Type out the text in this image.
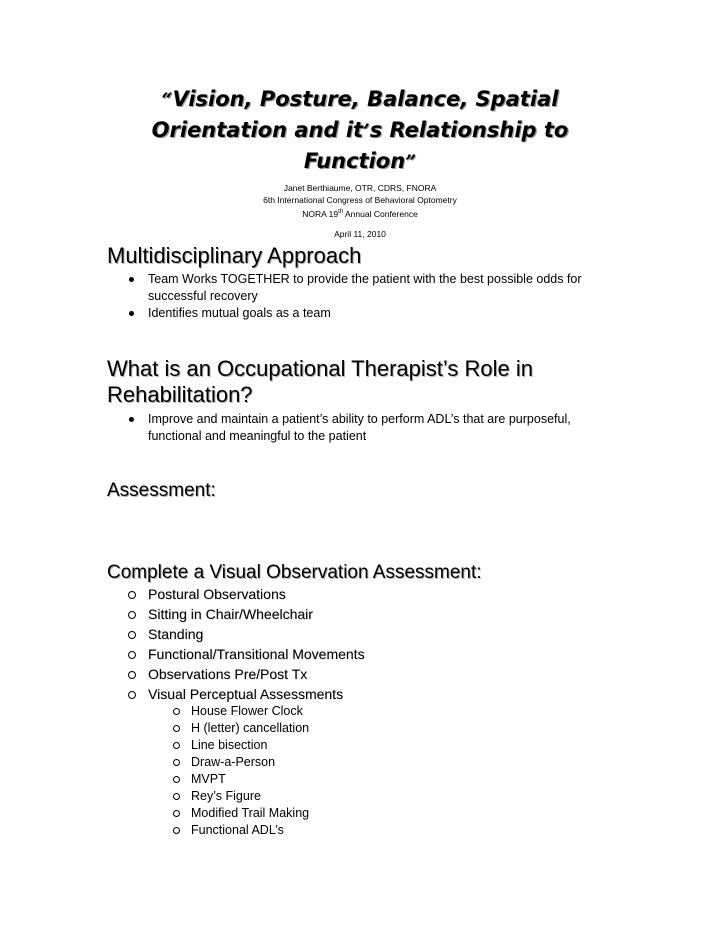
“Vision, Posture, Balance, Spatial
Orientation and it’s Relationship to
Function”
Janet Berthiaume, OTR, CDRS, FNORA
6th International Congress of Behavioral Optometry
NORA 19th Annual Conference
April 11, 2010
Multidisciplinary Approach
Team Works TOGETHER to provide the patient with the best possible odds for successful recovery
Identifies mutual goals as a team
What is an Occupational Therapist’s Role in
Rehabilitation?
Improve and maintain a patient’s ability to perform ADL’s that are purposeful, functional and meaningful to the patient
Assessment:
Complete a Visual Observation Assessment:
Postural Observations
Sitting in Chair/Wheelchair
Standing
Functional/Transitional Movements
Observations Pre/Post Tx
Visual Perceptual Assessments
House Flower Clock
H (letter) cancellation
Line bisection
Draw-a-Person
MVPT
Rey’s Figure
Modified Trail Making
Functional ADL’s
